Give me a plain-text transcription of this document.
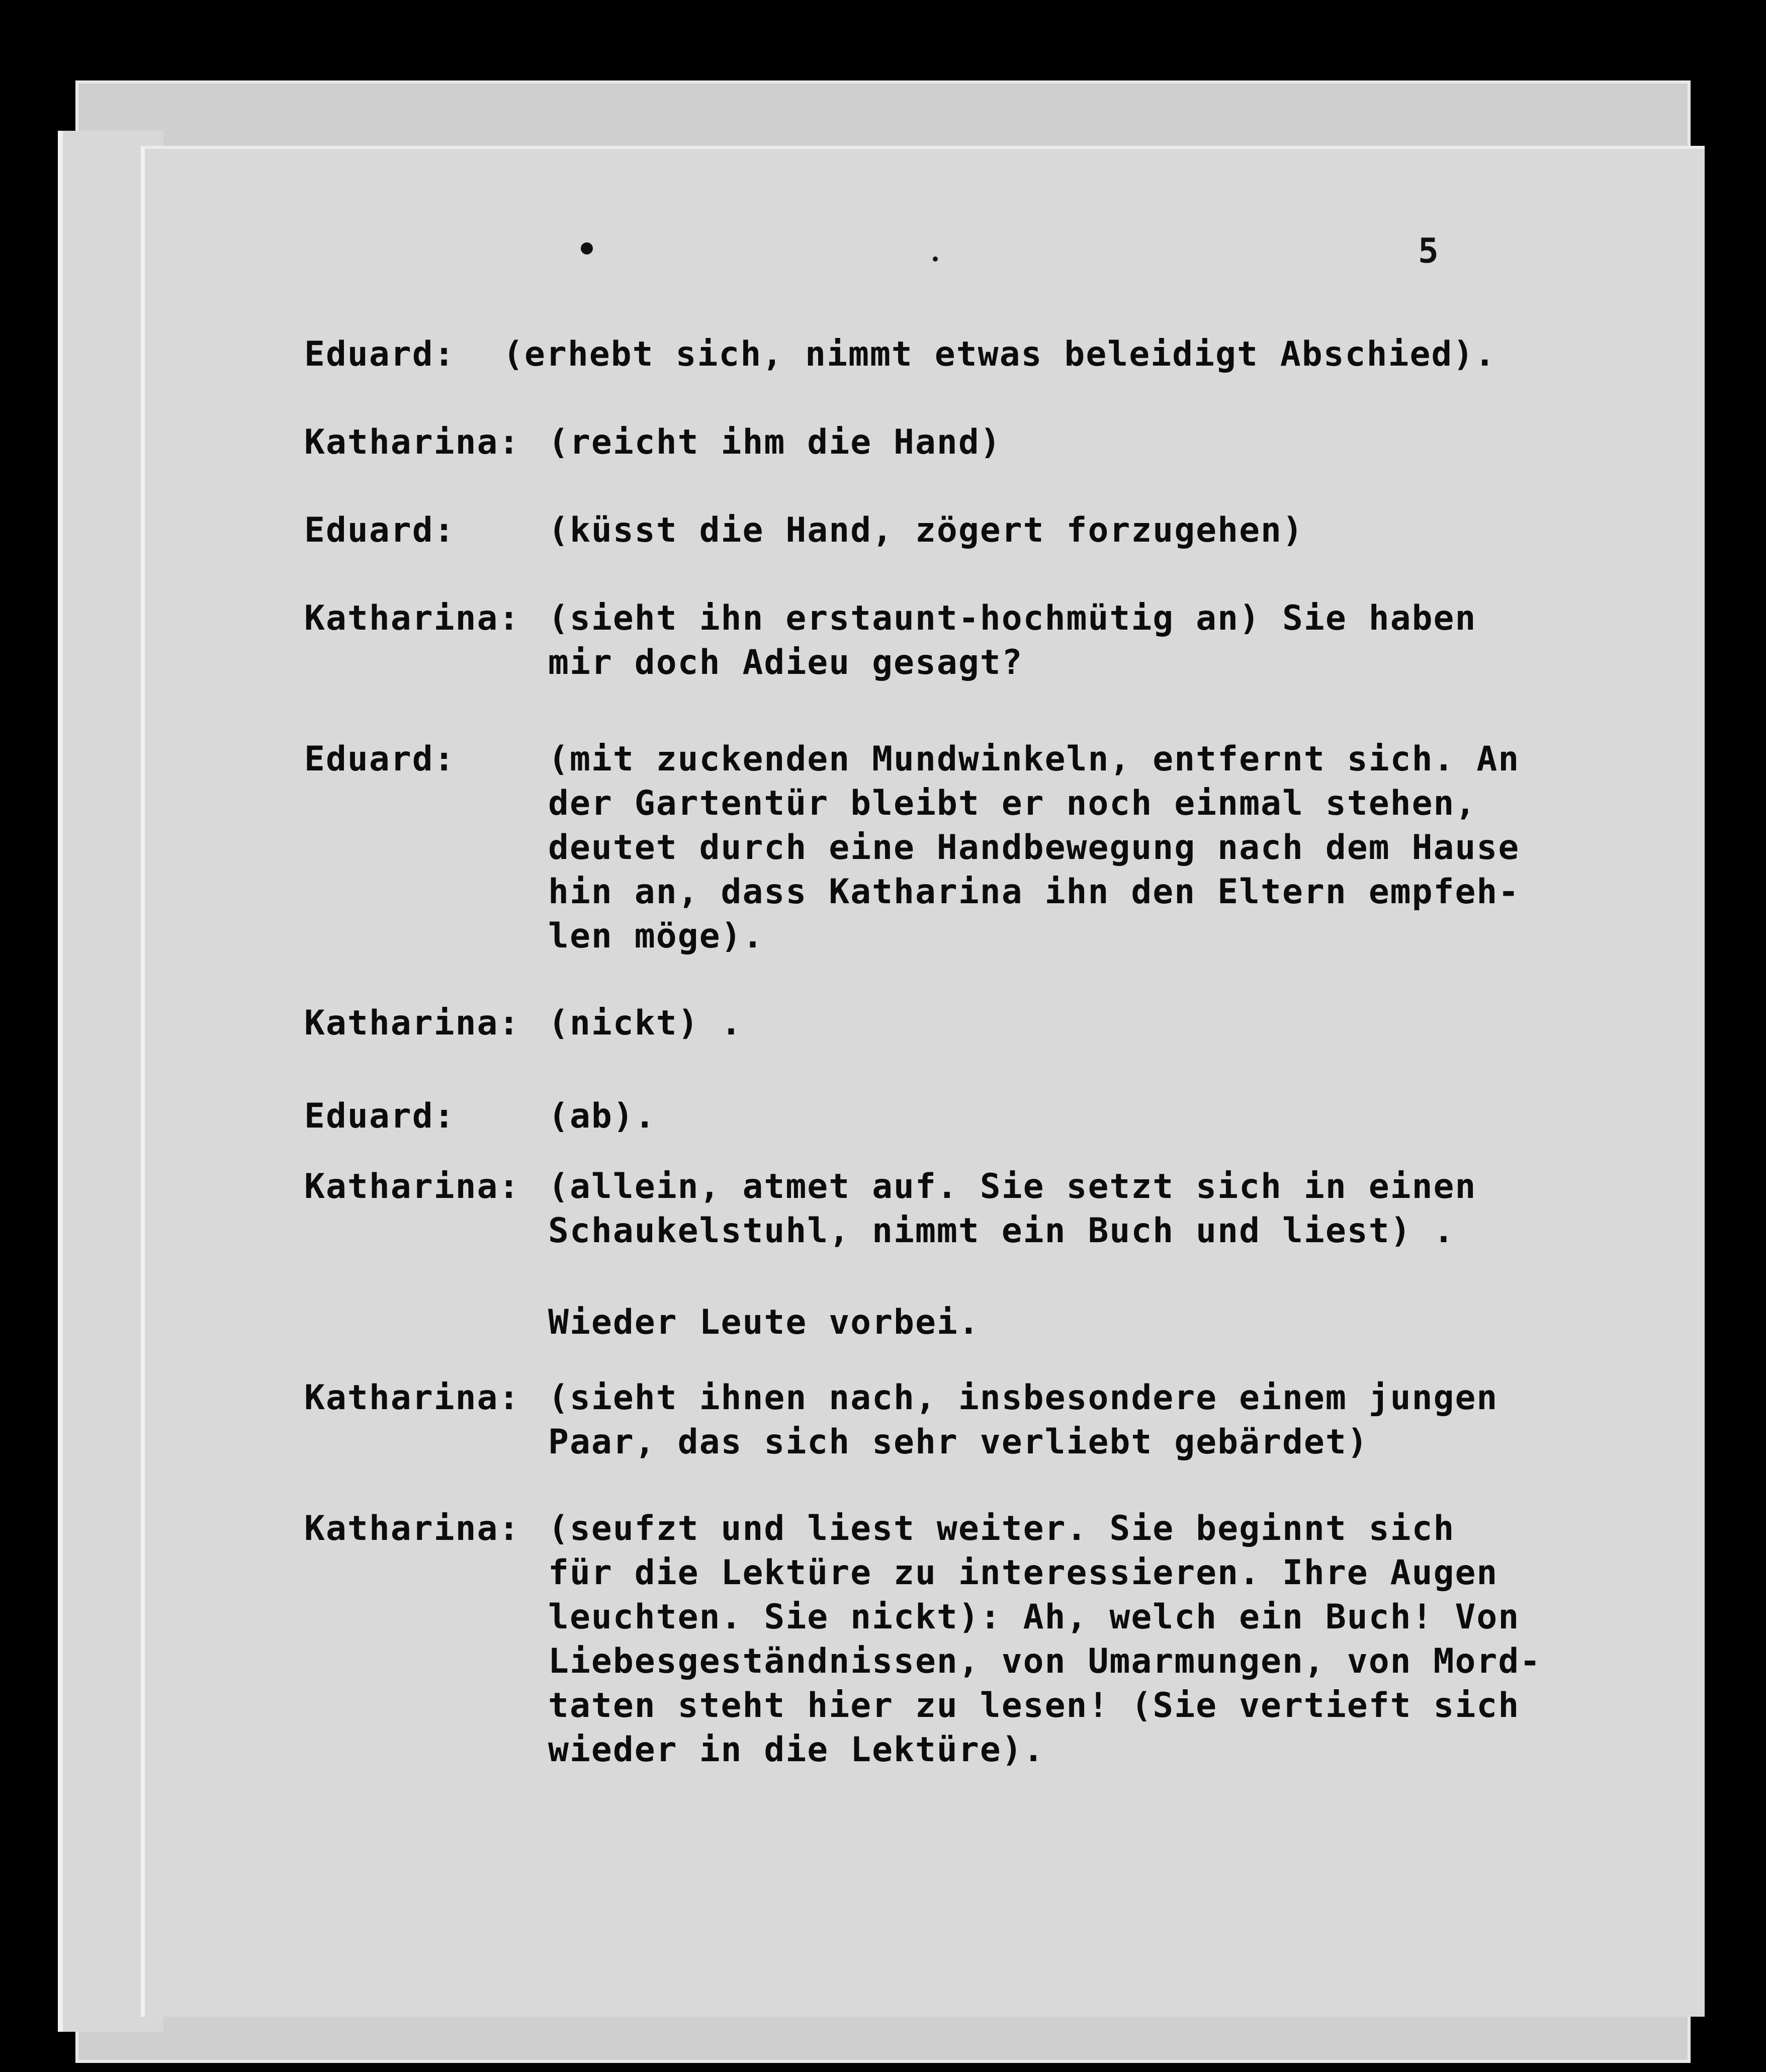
5
Eduard: (erhebt sich, nimmt etwas beleidigt Abschied).
Katharina: (reicht ihm die Hand)
Eduard:	(küsst die Hand, zögert forzugehen)
Katharina: (sieht ihn erstaunt-hochmütig an) Sie haben
mir doch Adieu gesagt?
Eduard:	(mit zuckenden Mundwinkeln, entfernt sich. An
der Gartentür bleibt er noch einmal stehen,
deutet durch eine Handbewegung nach dem Hause
hin an, dass Katharina ihn den Eltern empfeh-
len möge).
Katharina: (nickt) .
Eduard:	(ab).
Katharina: (allein, atmet auf. Sie setzt sich in einen
Schaukelstuhl, nimmt ein Buch und liest) .
Wieder Leute vorbei.
Katharina: (sieht ihnen nach, insbesondere einem jungen
Paar, das sich sehr verliebt gebärdet)
Katharina: (seufzt und liest weiter. Sie beginnt sich
für die Lektüre zu interessieren. Ihre Augen
leuchten. Sie nickt): Ah, welch ein Buch! Von
Liebesgeständnissen, von Umarmungen, von Mord-
taten steht hier zu lesen! (Sie vertieft sich
wieder in die Lektüre).
